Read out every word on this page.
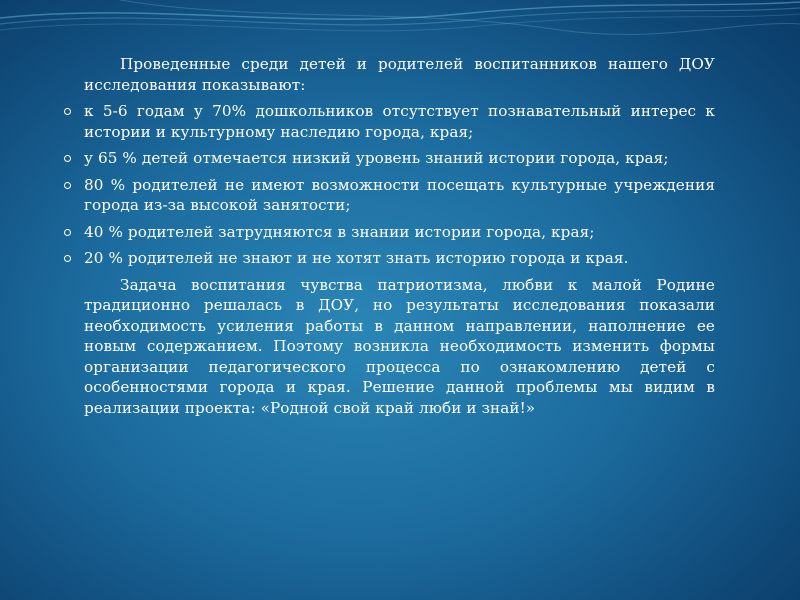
Проведенные среди детей и родителей воспитанников нашего ДОУ исследования показывают:

к 5-6 годам у 70% дошкольников отсутствует познавательный интерес к истории и культурному наследию города, края;
у 65 % детей отмечается низкий уровень знаний истории города, края;
80 % родителей не имеют возможности посещать культурные учреждения города из-за высокой занятости;
40 % родителей затрудняются в знании истории города, края;
20 % родителей не знают и не хотят знать историю города и края.

Задача воспитания чувства патриотизма, любви к малой Родине традиционно решалась в ДОУ, но результаты исследования показали необходимость усиления работы в данном направлении, наполнение ее новым содержанием. Поэтому возникла необходимость изменить формы организации педагогического процесса по ознакомлению детей с особенностями города и края. Решение данной проблемы мы видим в реализации проекта: «Родной свой край люби и знай!»
